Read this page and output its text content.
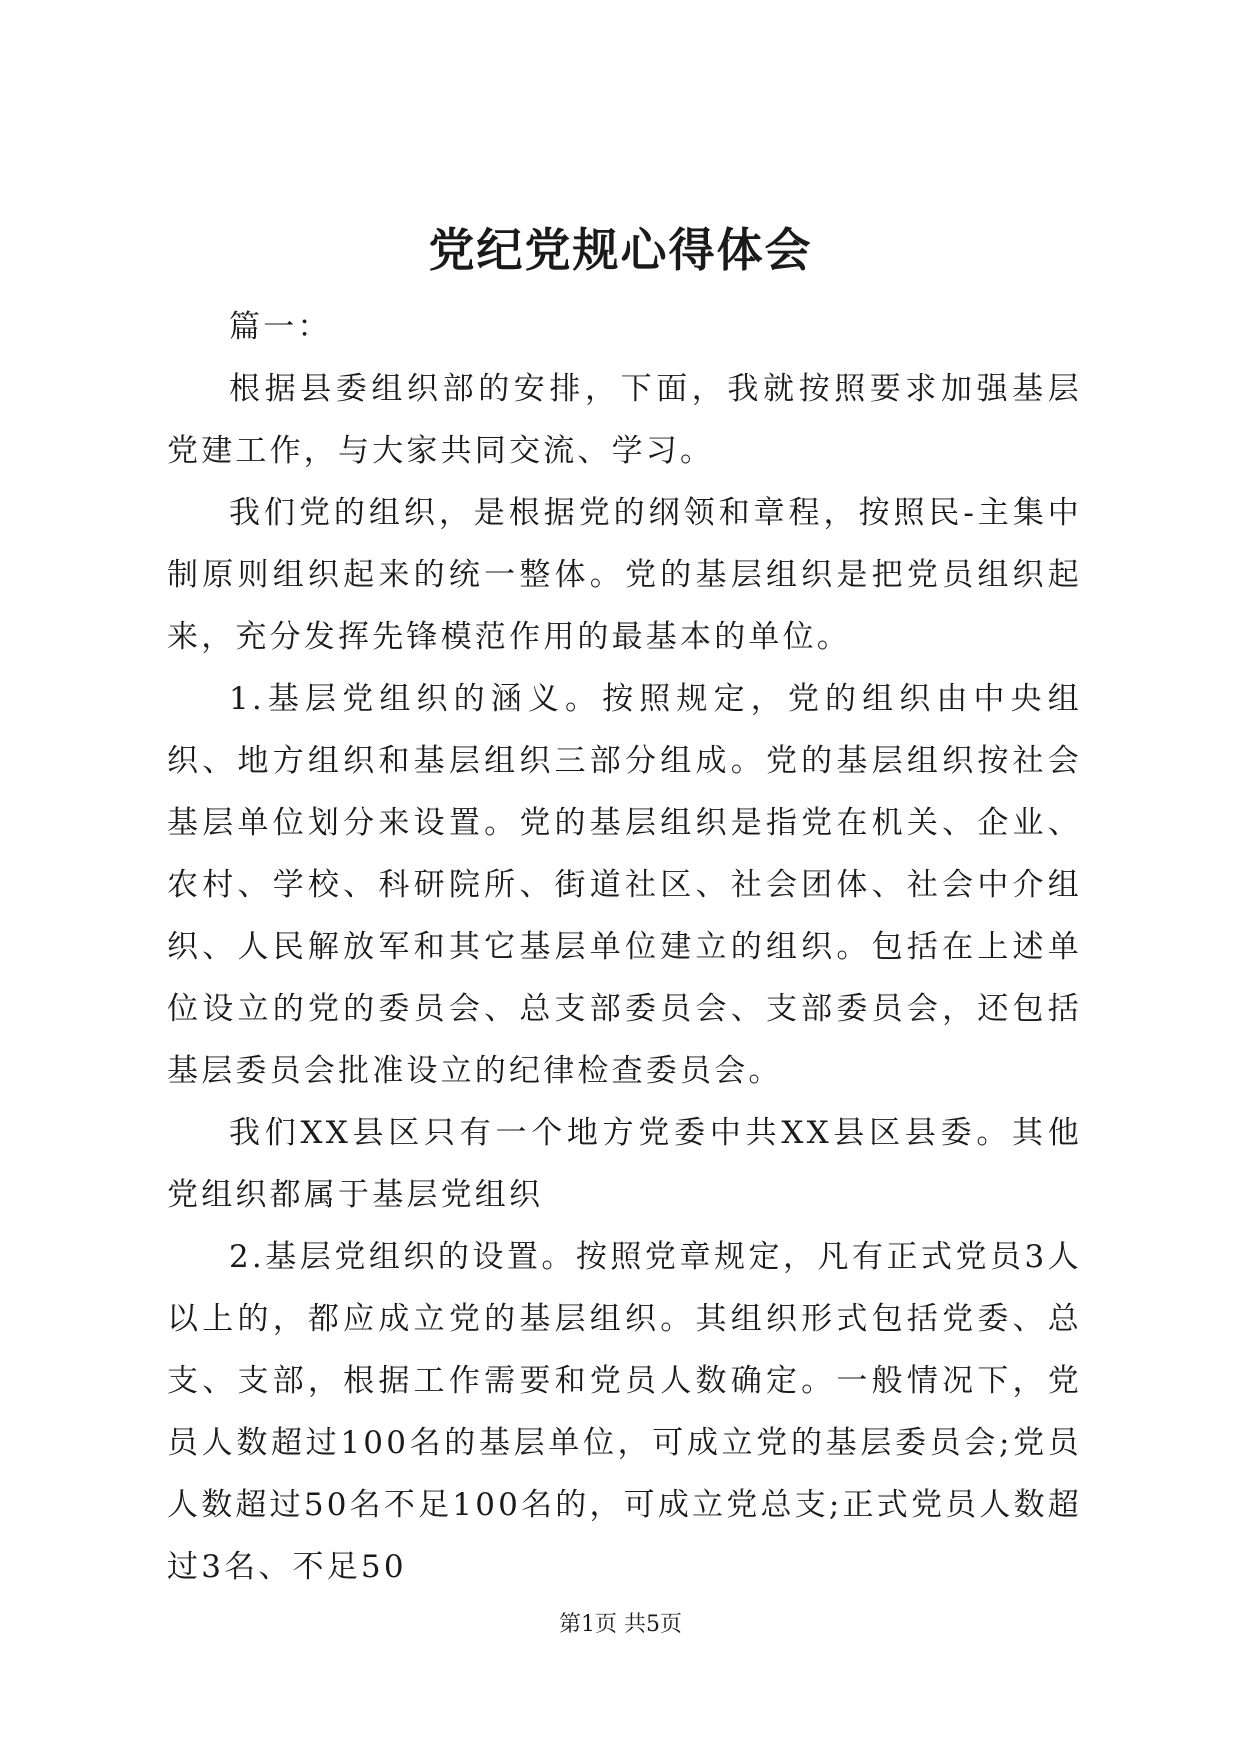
党纪党规心得体会

篇一：

根据县委组织部的安排，下面，我就按照要求加强基层党建工作，与大家共同交流、学习。

我们党的组织，是根据党的纲领和章程，按照民-主集中制原则组织起来的统一整体。党的基层组织是把党员组织起来，充分发挥先锋模范作用的最基本的单位。

1.基层党组织的涵义。按照规定，党的组织由中央组织、地方组织和基层组织三部分组成。党的基层组织按社会基层单位划分来设置。党的基层组织是指党在机关、企业、农村、学校、科研院所、街道社区、社会团体、社会中介组织、人民解放军和其它基层单位建立的组织。包括在上述单位设立的党的委员会、总支部委员会、支部委员会，还包括基层委员会批准设立的纪律检查委员会。

我们XX县区只有一个地方党委中共XX县区县委。其他党组织都属于基层党组织

2.基层党组织的设置。按照党章规定，凡有正式党员3人以上的，都应成立党的基层组织。其组织形式包括党委、总支、支部，根据工作需要和党员人数确定。一般情况下，党员人数超过100名的基层单位，可成立党的基层委员会;党员人数超过50名不足100名的，可成立党总支;正式党员人数超过3名、不足50

第1页 共5页
